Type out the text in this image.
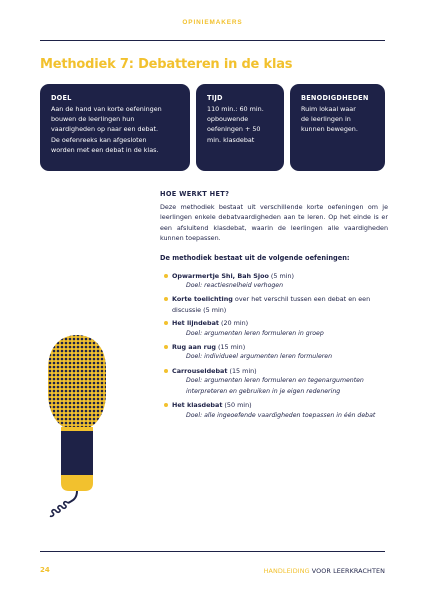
OPINIEMAKERS
Methodiek 7: Debatteren in de klas
DOEL

Aan de hand van korte oefeningen

bouwen de leerlingen hun

vaardigheden op naar een debat.

De oefenreeks kan afgesloten

worden met een debat in de klas.

TIJD

110 min.: 60 min.

opbouwende

oefeningen + 50

min. klasdebat

BENODIGDHEDEN

Ruim lokaal waar

de leerlingen in

kunnen bewegen.

HOE WERKT HET?

Deze methodiek bestaat uit verschillende korte oefeningen om je leerlingen enkele debatvaardigheden aan te leren. Op het einde is er een afsluitend klasdebat, waarin de leerlingen alle vaardigheden kunnen toepassen.

De methodiek bestaat uit de volgende oefeningen:
Opwarmertje Shi, Bah Sjoo (5 min)
Doel: reactiesnelheid verhogen
Korte toelichting over het verschil tussen een debat en een discussie (5 min)
Het lijndebat (20 min)
Doel: argumenten leren formuleren in groep
Rug aan rug (15 min)
Doel: individueel argumenten leren formuleren
Carrouseldebat (15 min)
Doel: argumenten leren formuleren en tegenargumenten interpreteren en gebruiken in je eigen redenering
Het klasdebat (50 min)
Doel: alle ingeoefende vaardigheden toepassen in één debat
24	HANDLEIDING VOOR LEERKRACHTEN
